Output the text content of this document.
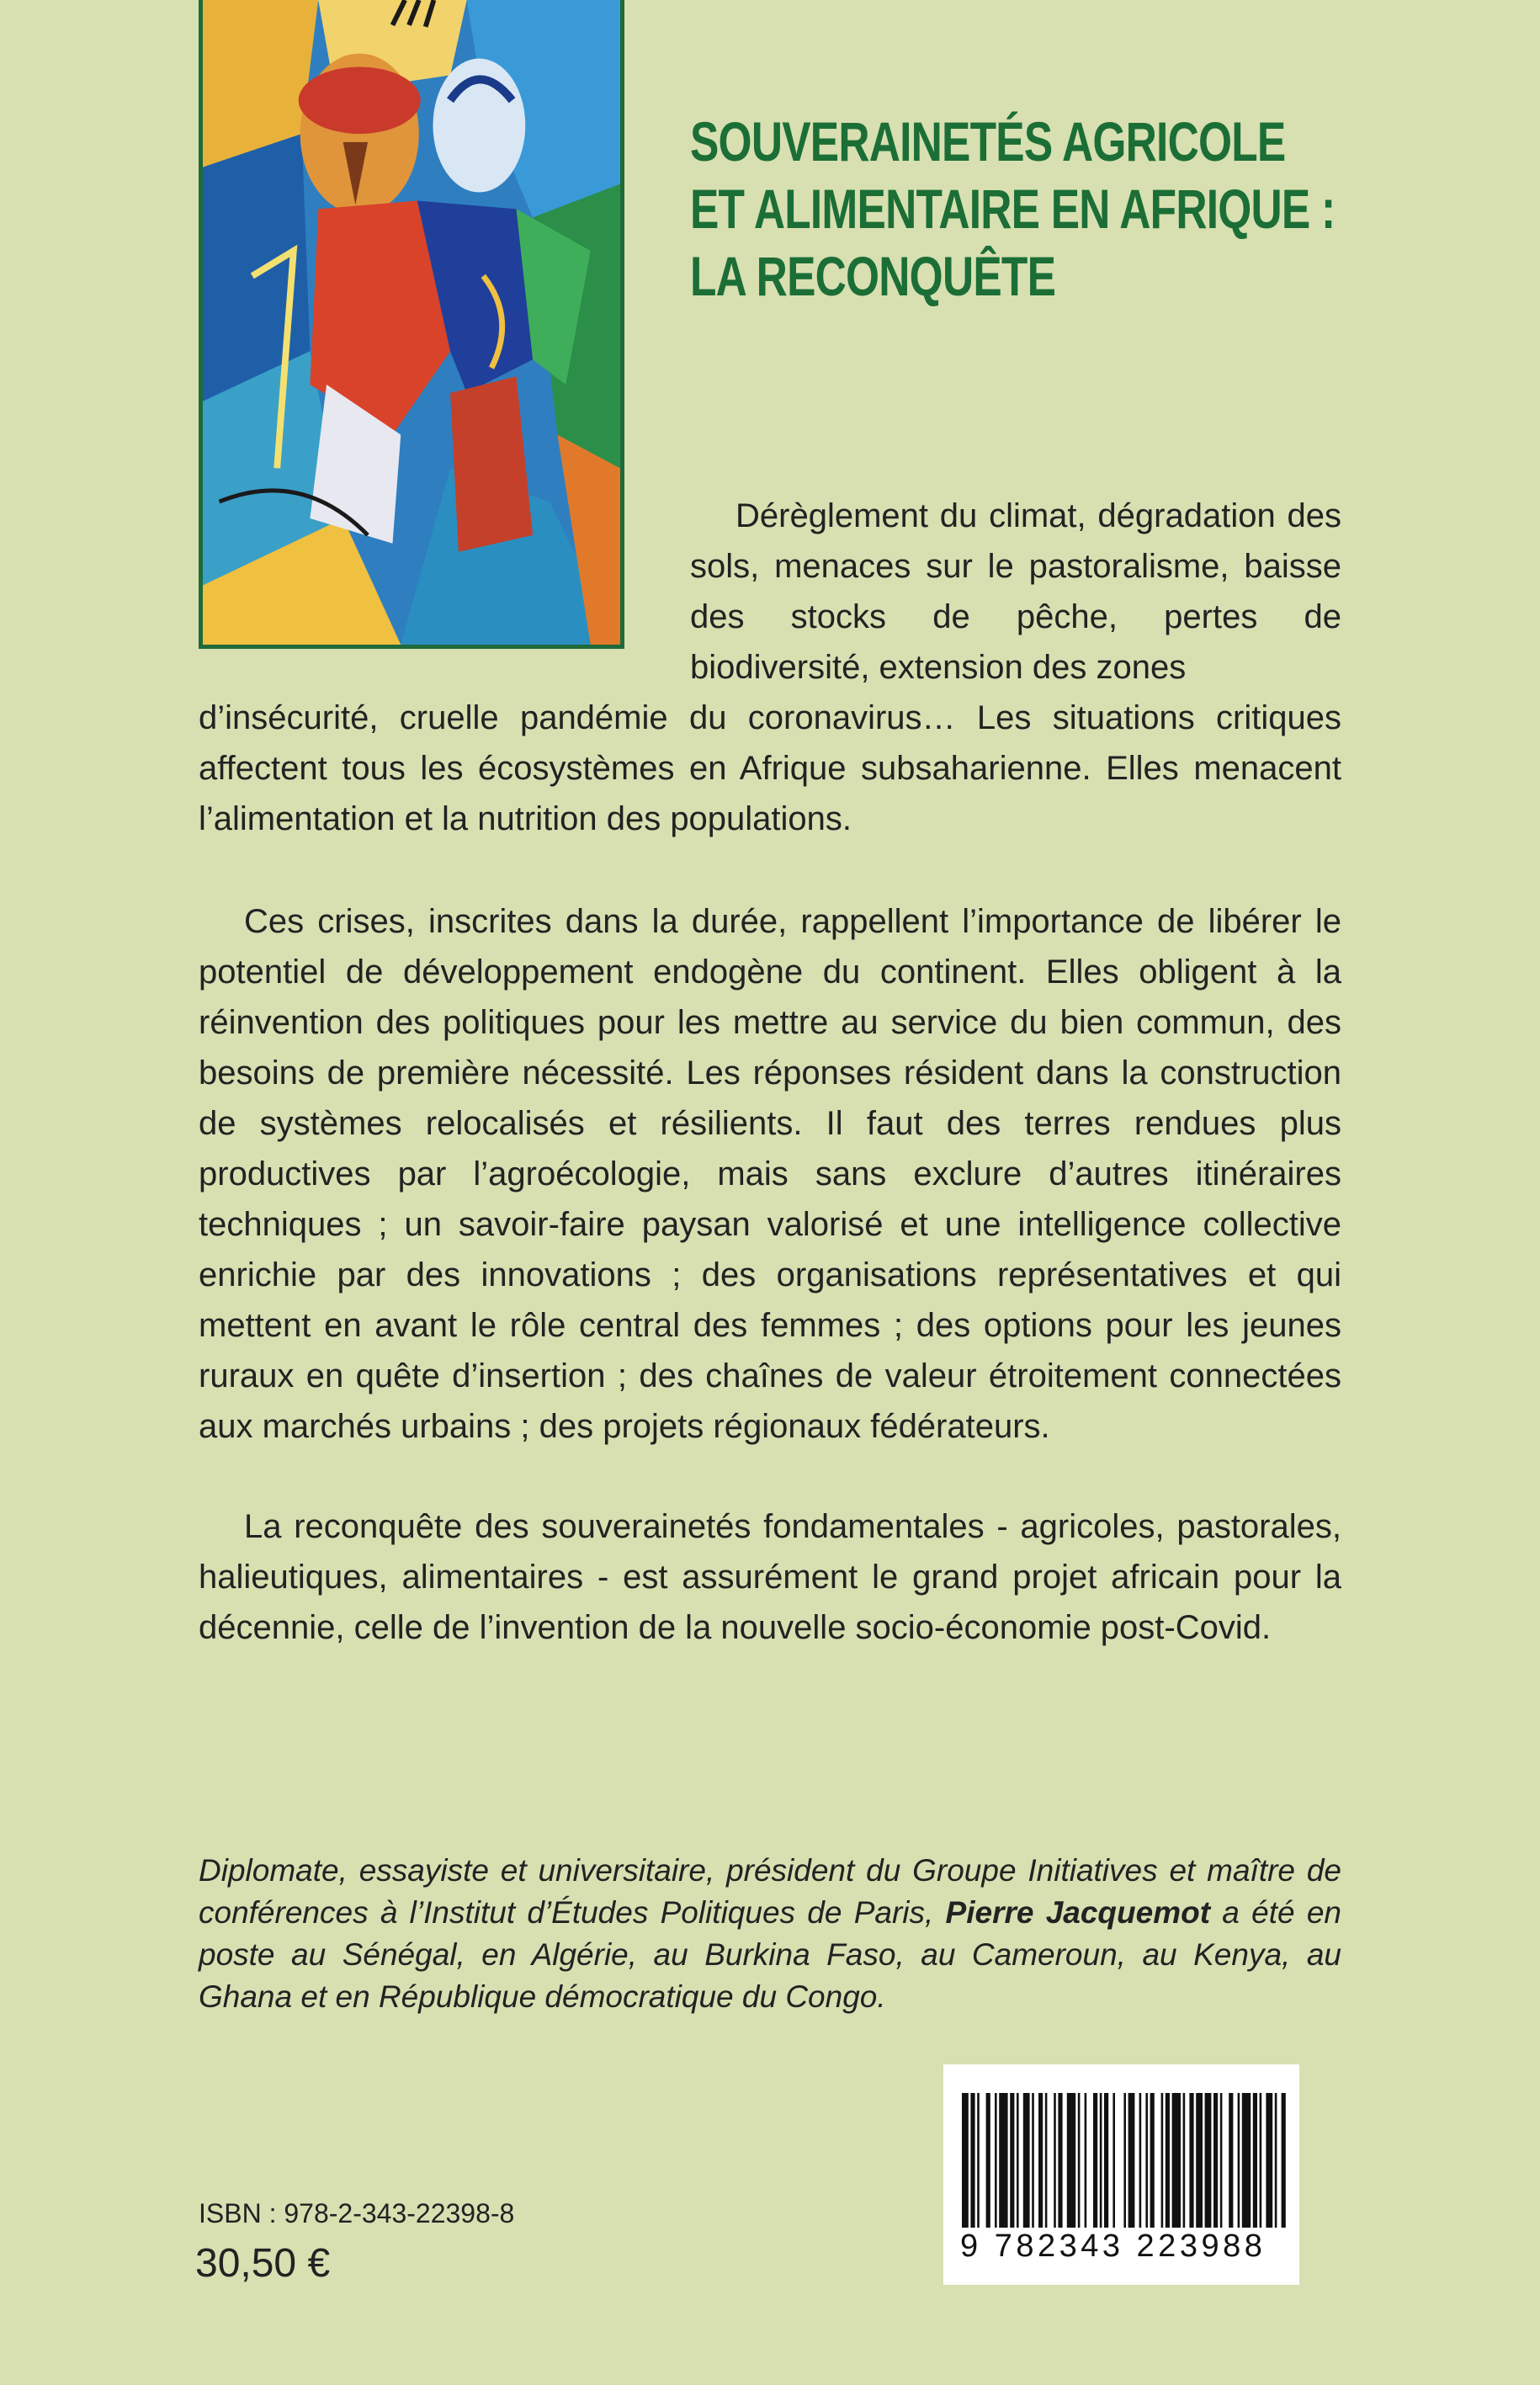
SOUVERAINETÉS AGRICOLE
ET ALIMENTAIRE EN AFRIQUE :
LA RECONQUÊTE
Dérèglement du climat, dégradation des sols, menaces sur le pastoralisme, baisse des stocks de pêche, pertes de biodiversité, extension des zones
d’insécurité, cruelle pandémie du coronavirus… Les situations critiques affectent tous les écosystèmes en Afrique subsaharienne. Elles menacent l’alimentation et la nutrition des populations.
Ces crises, inscrites dans la durée, rappellent l’importance de libérer le potentiel de développement endogène du continent. Elles obligent à la réinvention des politiques pour les mettre au service du bien commun, des besoins de première nécessité. Les réponses résident dans la construction de systèmes relocalisés et résilients. Il faut des terres rendues plus productives par l’agroécologie, mais sans exclure d’autres itinéraires techniques ; un savoir-faire paysan valorisé et une intelligence collective enrichie par des innovations ; des organisations représentatives et qui mettent en avant le rôle central des femmes ; des options pour les jeunes ruraux en quête d’insertion ; des chaînes de valeur étroitement connectées aux marchés urbains ; des projets régionaux fédérateurs.
La reconquête des souverainetés fondamentales - agricoles, pastorales, halieutiques, alimentaires - est assurément le grand projet africain pour la décennie, celle de l’invention de la nouvelle socio-économie post-Covid.
Diplomate, essayiste et universitaire, président du Groupe Initiatives et maître de conférences à l’Institut d’Études Politiques de Paris, Pierre Jacquemot a été en poste au Sénégal, en Algérie, au Burkina Faso, au Cameroun, au Kenya, au Ghana et en République démocratique du Congo.
9 782343 223988
ISBN : 978-2-343-22398-8
30,50 €
